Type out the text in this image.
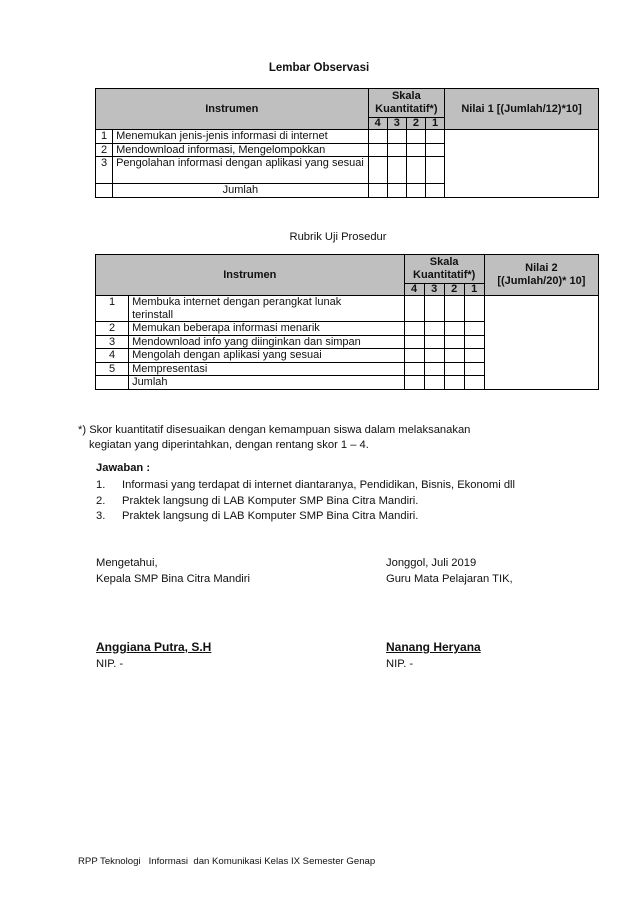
Lembar Observasi
Instrumen		Skala Kuantitatif*)				Nilai 1 [(Jumlah/12)*10]
		4	3	2	1	
1	Menemukan jenis-jenis informasi di internet					
2	Mendownload informasi, Mengelompokkan					
3	Pengolahan informasi dengan aplikasi yang sesuai					
	Jumlah					
Rubrik Uji Prosedur
Instrumen		Skala Kuantitatif*)				Nilai 2
[(Jumlah/20)* 10]

		4	3	2	1	
1	Membuka internet dengan perangkat lunak terinstall					
2	Memukan beberapa informasi menarik					
3	Mendownload info yang diinginkan dan simpan					
4	Mengolah dengan aplikasi yang sesuai					
5	Mempresentasi					
	Jumlah					
*) Skor kuantitatif disesuaikan dengan kemampuan siswa dalam melaksanakan
kegiatan yang diperintahkan, dengan rentang skor 1 – 4.
Jawaban :
1.	Informasi yang terdapat di internet diantaranya, Pendidikan, Bisnis, Ekonomi dll
2.	Praktek langsung di LAB Komputer SMP Bina Citra Mandiri.
3.	Praktek langsung di LAB Komputer SMP Bina Citra Mandiri.
Mengetahui,
Kepala SMP Bina Citra Mandiri
Jonggol, Juli 2019
Guru Mata Pelajaran TIK,
Anggiana Putra, S.H
NIP. -
Nanang Heryana
NIP. -
RPP Teknologi   Informasi  dan Komunikasi Kelas IX Semester Genap
